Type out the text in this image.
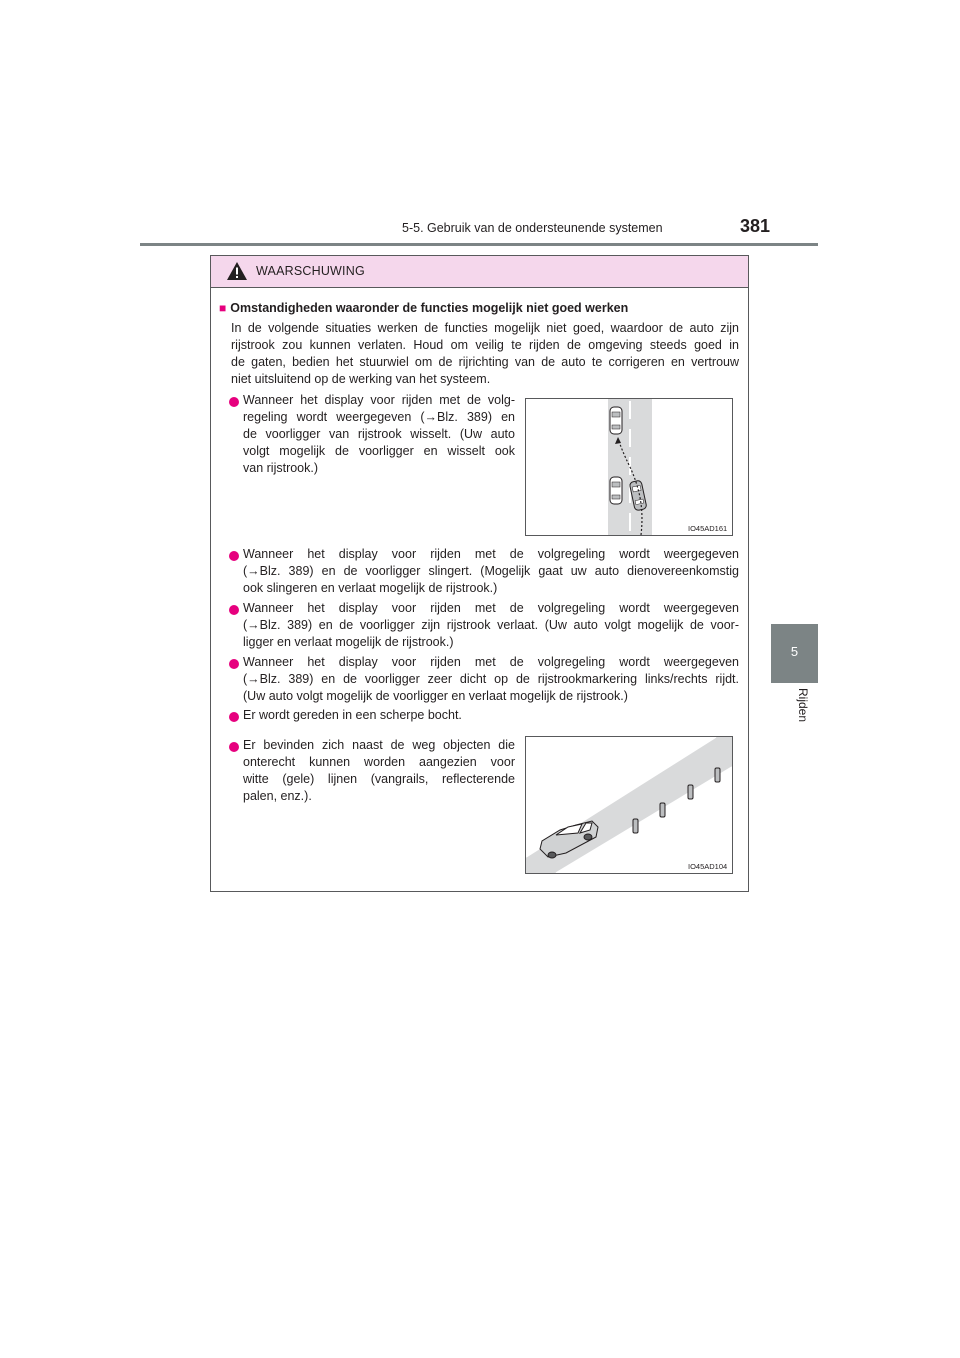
5-5. Gebruik van de ondersteunende systemen	381
5
Rijden
WAARSCHUWING
■ Omstandigheden waaronder de functies mogelijk niet goed werken
In de volgende situaties werken de functies mogelijk niet goed, waardoor de auto zijn
rijstrook zou kunnen verlaten. Houd om veilig te rijden de omgeving steeds goed in
de gaten, bedien het stuurwiel om de rijrichting van de auto te corrigeren en vertrouw
niet uitsluitend op de werking van het systeem.
Wanneer het display voor rijden met de volg-
regeling wordt weergegeven (→Blz. 389) en
de voorligger van rijstrook wisselt. (Uw auto
volgt mogelijk de voorligger en wisselt ook
van rijstrook.)
IO45AD161
Wanneer het display voor rijden met de volgregeling wordt weergegeven
(→Blz. 389) en de voorligger slingert. (Mogelijk gaat uw auto dienovereenkomstig
ook slingeren en verlaat mogelijk de rijstrook.)
Wanneer het display voor rijden met de volgregeling wordt weergegeven
(→Blz. 389) en de voorligger zijn rijstrook verlaat. (Uw auto volgt mogelijk de voor-
ligger en verlaat mogelijk de rijstrook.)
Wanneer het display voor rijden met de volgregeling wordt weergegeven
(→Blz. 389) en de voorligger zeer dicht op de rijstrookmarkering links/rechts rijdt.
(Uw auto volgt mogelijk de voorligger en verlaat mogelijk de rijstrook.)
Er wordt gereden in een scherpe bocht.
Er bevinden zich naast de weg objecten die
onterecht kunnen worden aangezien voor
witte (gele) lijnen (vangrails, reflecterende
palen, enz.).
IO45AD104
